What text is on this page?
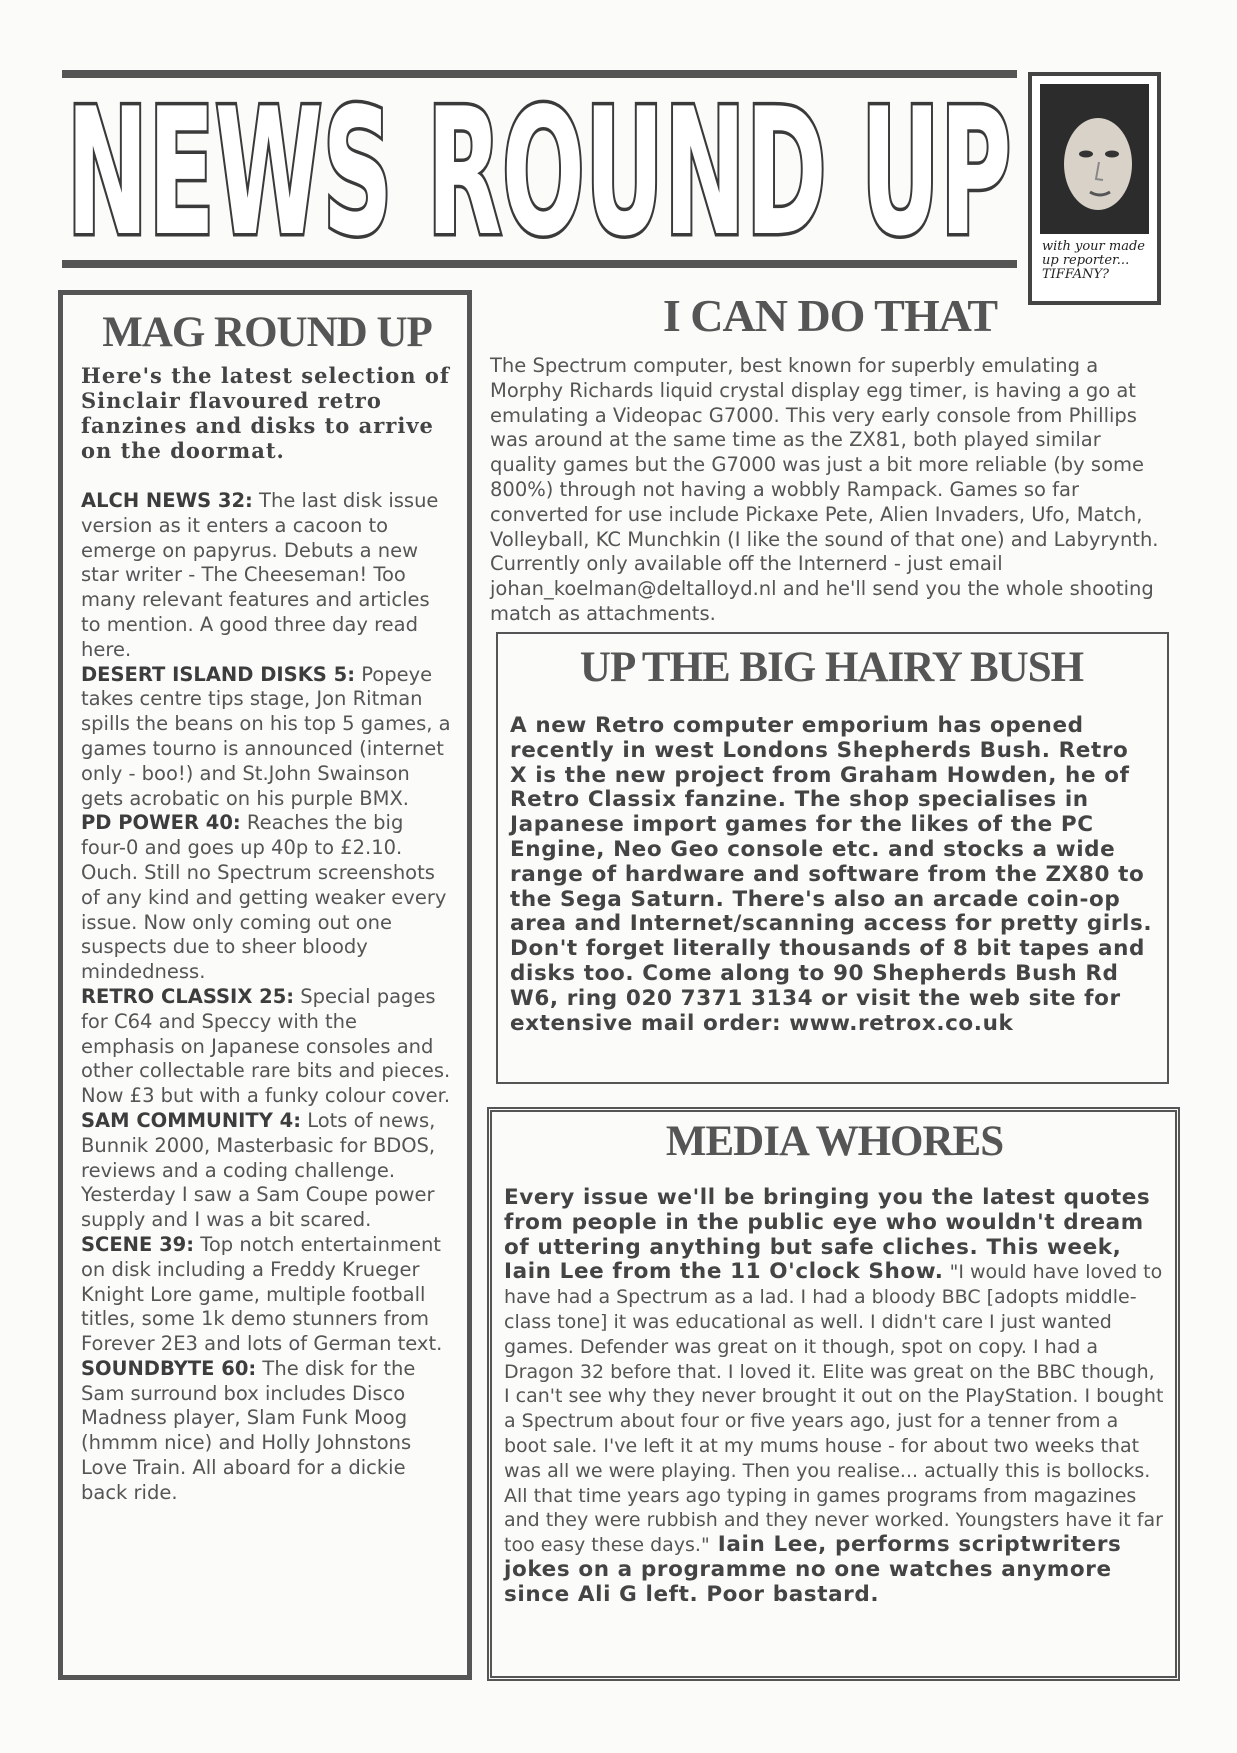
NEWS ROUND UP with your made up reporter... TIFFANY?
MAG ROUND UP

Here's the latest selection of Sinclair flavoured retro fanzines and disks to arrive on the doormat.

ALCH NEWS 32: The last disk issue version as it enters a cacoon to emerge on papyrus. Debuts a new star writer - The Cheeseman! Too many relevant features and articles to mention. A good three day read here.
DESERT ISLAND DISKS 5: Popeye takes centre tips stage, Jon Ritman spills the beans on his top 5 games, a games tourno is announced (internet only - boo!) and St.John Swainson gets acrobatic on his purple BMX.
PD POWER 40: Reaches the big four-0 and goes up 40p to £2.10. Ouch. Still no Spectrum screenshots of any kind and getting weaker every issue. Now only coming out one suspects due to sheer bloody mindedness.
RETRO CLASSIX 25: Special pages for C64 and Speccy with the emphasis on Japanese consoles and other collectable rare bits and pieces. Now £3 but with a funky colour cover.
SAM COMMUNITY 4: Lots of news, Bunnik 2000, Masterbasic for BDOS, reviews and a coding challenge. Yesterday I saw a Sam Coupe power supply and I was a bit scared.
SCENE 39: Top notch entertainment on disk including a Freddy Krueger Knight Lore game, multiple football titles, some 1k demo stunners from Forever 2E3 and lots of German text.
SOUNDBYTE 60: The disk for the Sam surround box includes Disco Madness player, Slam Funk Moog (hmmm nice) and Holly Johnstons Love Train. All aboard for a dickie back ride.
I CAN DO THAT

The Spectrum computer, best known for superbly emulating a Morphy Richards liquid crystal display egg timer, is having a go at emulating a Videopac G7000. This very early console from Phillips was around at the same time as the ZX81, both played similar quality games but the G7000 was just a bit more reliable (by some 800%) through not having a wobbly Rampack. Games so far converted for use include Pickaxe Pete, Alien Invaders, Ufo, Match, Volleyball, KC Munchkin (I like the sound of that one) and Labyrynth. Currently only available off the Internerd - just email johan_koelman@deltalloyd.nl and he'll send you the whole shooting match as attachments.

UP THE BIG HAIRY BUSH

A new Retro computer emporium has opened recently in west Londons Shepherds Bush. Retro X is the new project from Graham Howden, he of Retro Classix fanzine. The shop specialises in Japanese import games for the likes of the PC Engine, Neo Geo console etc. and stocks a wide range of hardware and software from the ZX80 to the Sega Saturn. There's also an arcade coin-op area and Internet/scanning access for pretty girls. Don't forget literally thousands of 8 bit tapes and disks too. Come along to 90 Shepherds Bush Rd W6, ring 020 7371 3134 or visit the web site for extensive mail order: www.retrox.co.uk

MEDIA WHORES

Every issue we'll be bringing you the latest quotes from people in the public eye who wouldn't dream of uttering anything but safe cliches. This week, Iain Lee from the 11 O'clock Show. "I would have loved to have had a Spectrum as a lad. I had a bloody BBC [adopts middle-class tone] it was educational as well. I didn't care I just wanted games. Defender was great on it though, spot on copy. I had a Dragon 32 before that. I loved it. Elite was great on the BBC though, I can't see why they never brought it out on the PlayStation. I bought a Spectrum about four or five years ago, just for a tenner from a boot sale. I've left it at my mums house - for about two weeks that was all we were playing. Then you realise... actually this is bollocks. All that time years ago typing in games programs from magazines and they were rubbish and they never worked. Youngsters have it far too easy these days." Iain Lee, performs scriptwriters jokes on a programme no one watches anymore since Ali G left. Poor bastard.
